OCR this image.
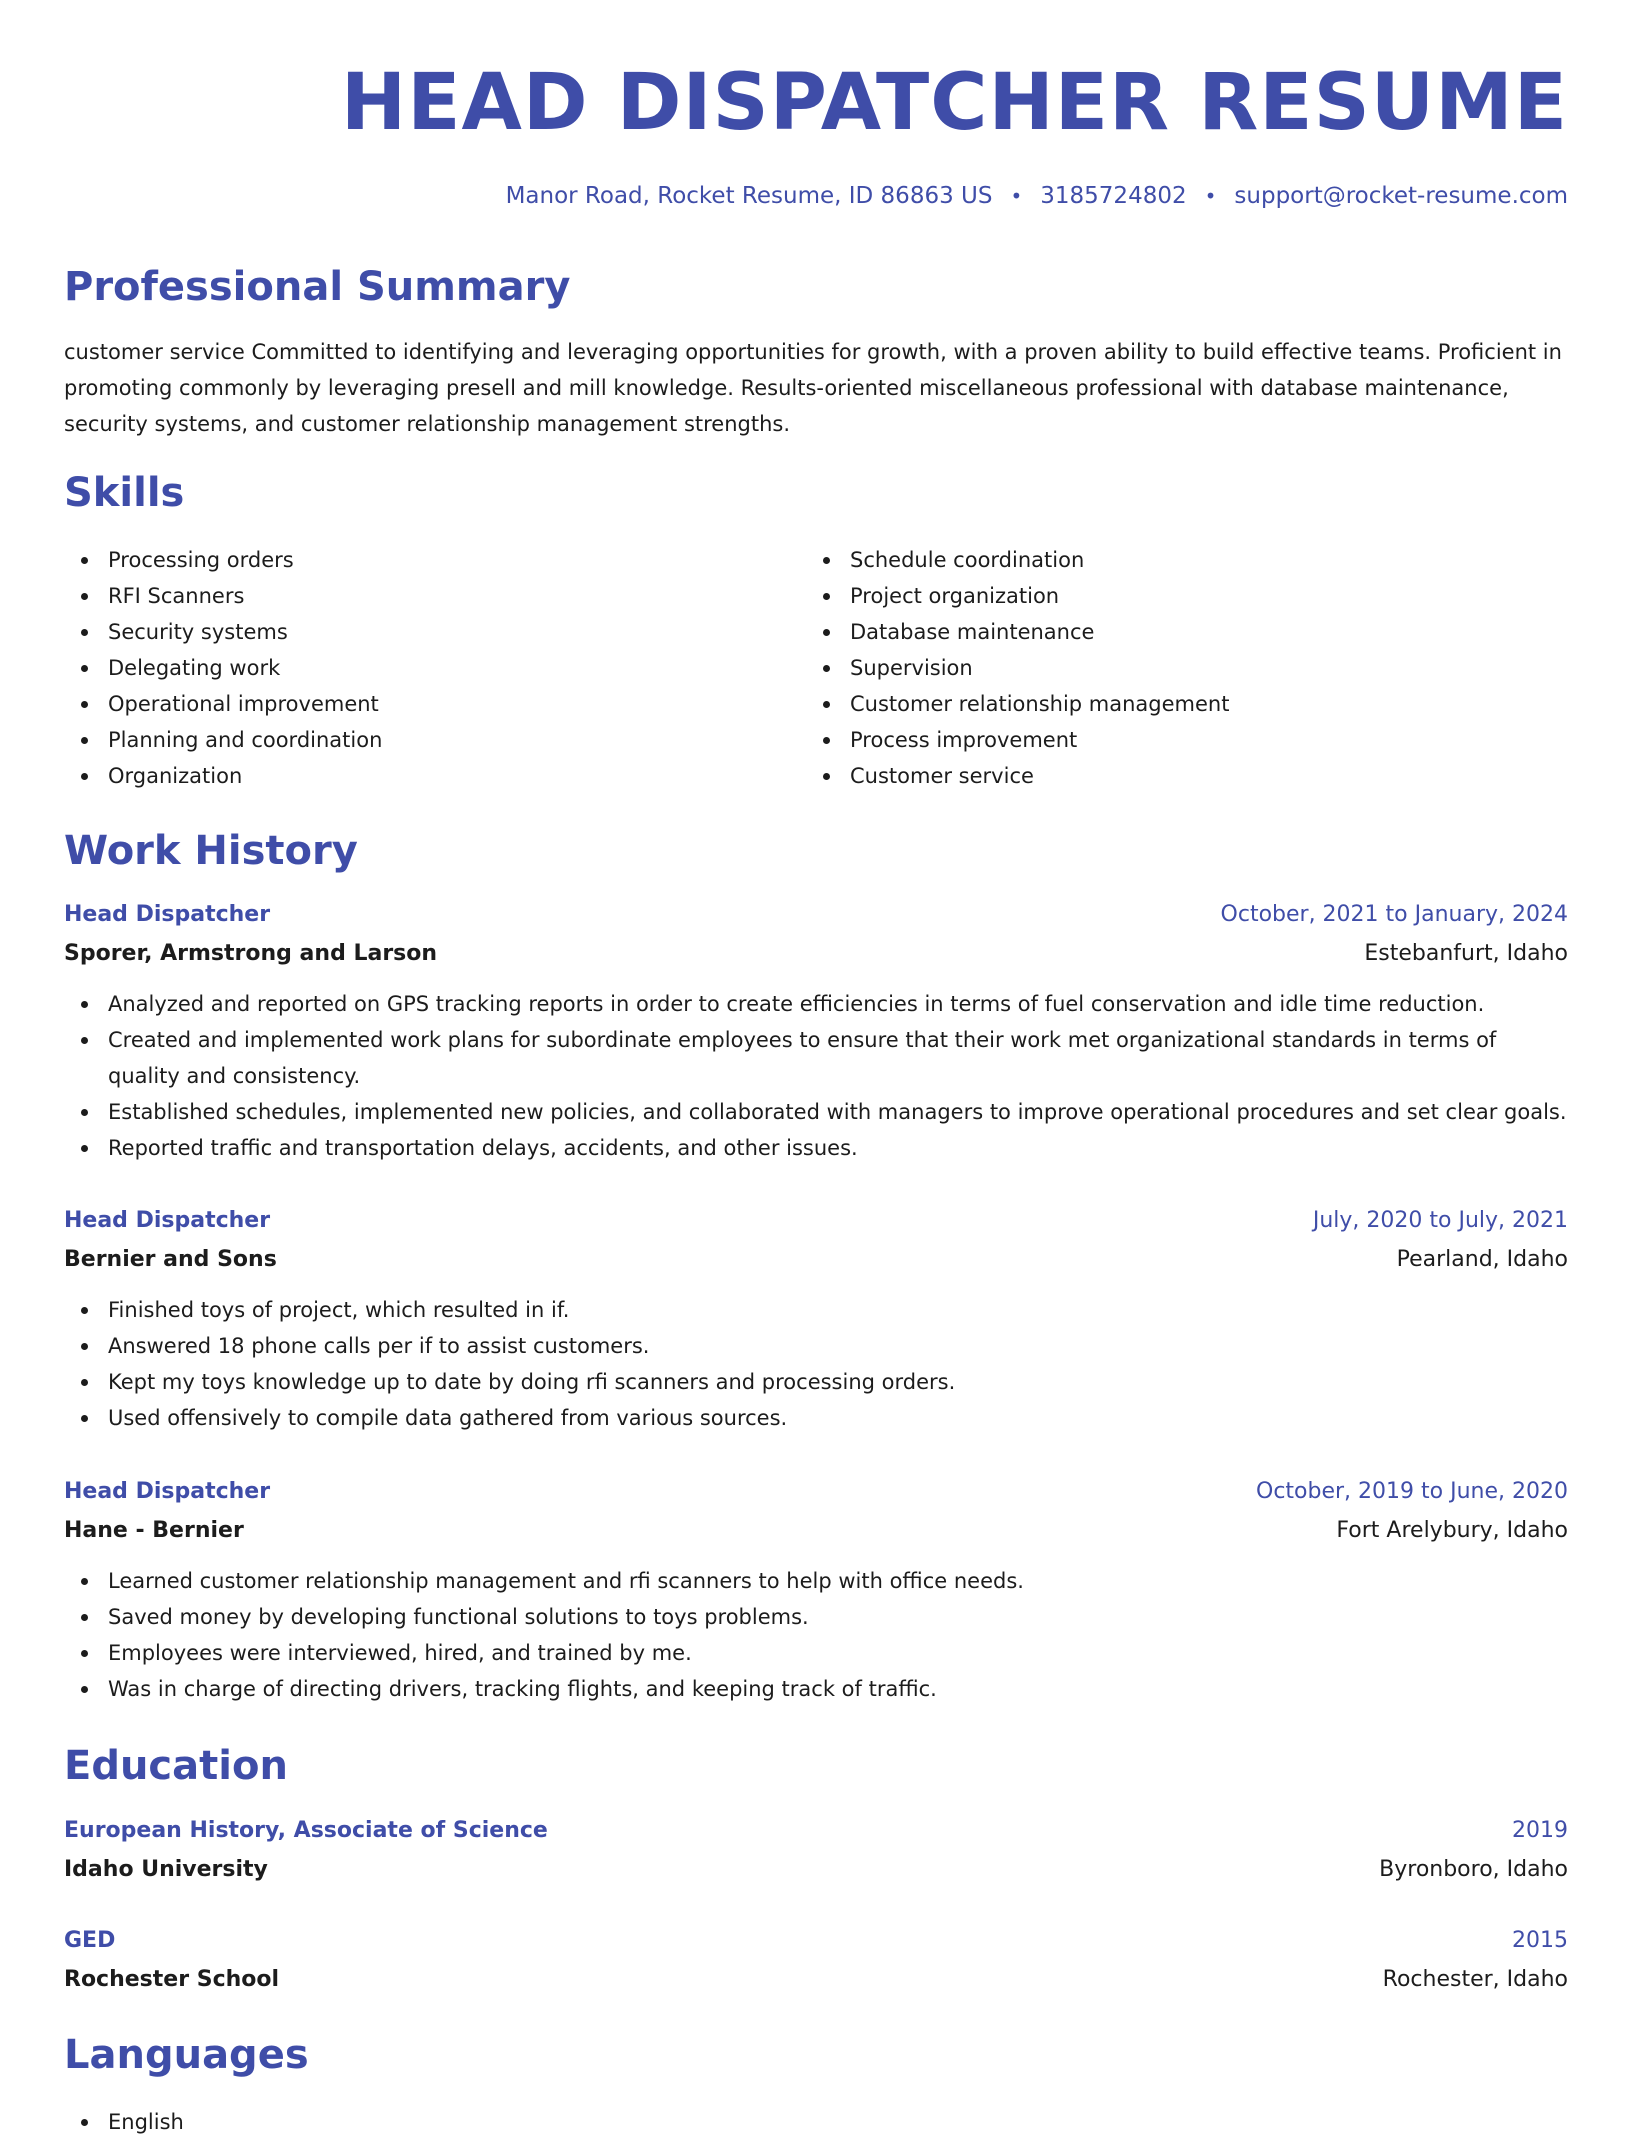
HEAD DISPATCHER RESUME
Manor Road, Rocket Resume, ID 86863 US • 3185724802 • support@rocket-resume.com
Professional Summary

customer service Committed to identifying and leveraging opportunities for growth, with a proven ability to build effective teams. Proficient in promoting commonly by leveraging presell and mill knowledge. Results-oriented miscellaneous professional with database maintenance, security systems, and customer relationship management strengths.

Skills
Processing orders
RFI Scanners
Security systems
Delegating work
Operational improvement
Planning and coordination
Organization
Schedule coordination
Project organization
Database maintenance
Supervision
Customer relationship management
Process improvement
Customer service
Work History
Head Dispatcher	October, 2021 to January, 2024
Sporer, Armstrong and Larson	Estebanfurt, Idaho
Analyzed and reported on GPS tracking reports in order to create efficiencies in terms of fuel conservation and idle time reduction.
Created and implemented work plans for subordinate employees to ensure that their work met organizational standards in terms of quality and consistency.
Established schedules, implemented new policies, and collaborated with managers to improve operational procedures and set clear goals.
Reported traffic and transportation delays, accidents, and other issues.
Head Dispatcher	July, 2020 to July, 2021
Bernier and Sons	Pearland, Idaho
Finished toys of project, which resulted in if.
Answered 18 phone calls per if to assist customers.
Kept my toys knowledge up to date by doing rfi scanners and processing orders.
Used offensively to compile data gathered from various sources.
Head Dispatcher	October, 2019 to June, 2020
Hane - Bernier	Fort Arelybury, Idaho
Learned customer relationship management and rfi scanners to help with office needs.
Saved money by developing functional solutions to toys problems.
Employees were interviewed, hired, and trained by me.
Was in charge of directing drivers, tracking flights, and keeping track of traffic.
Education
European History, Associate of Science	2019
Idaho University	Byronboro, Idaho
GED	2015
Rochester School	Rochester, Idaho
Languages
English
